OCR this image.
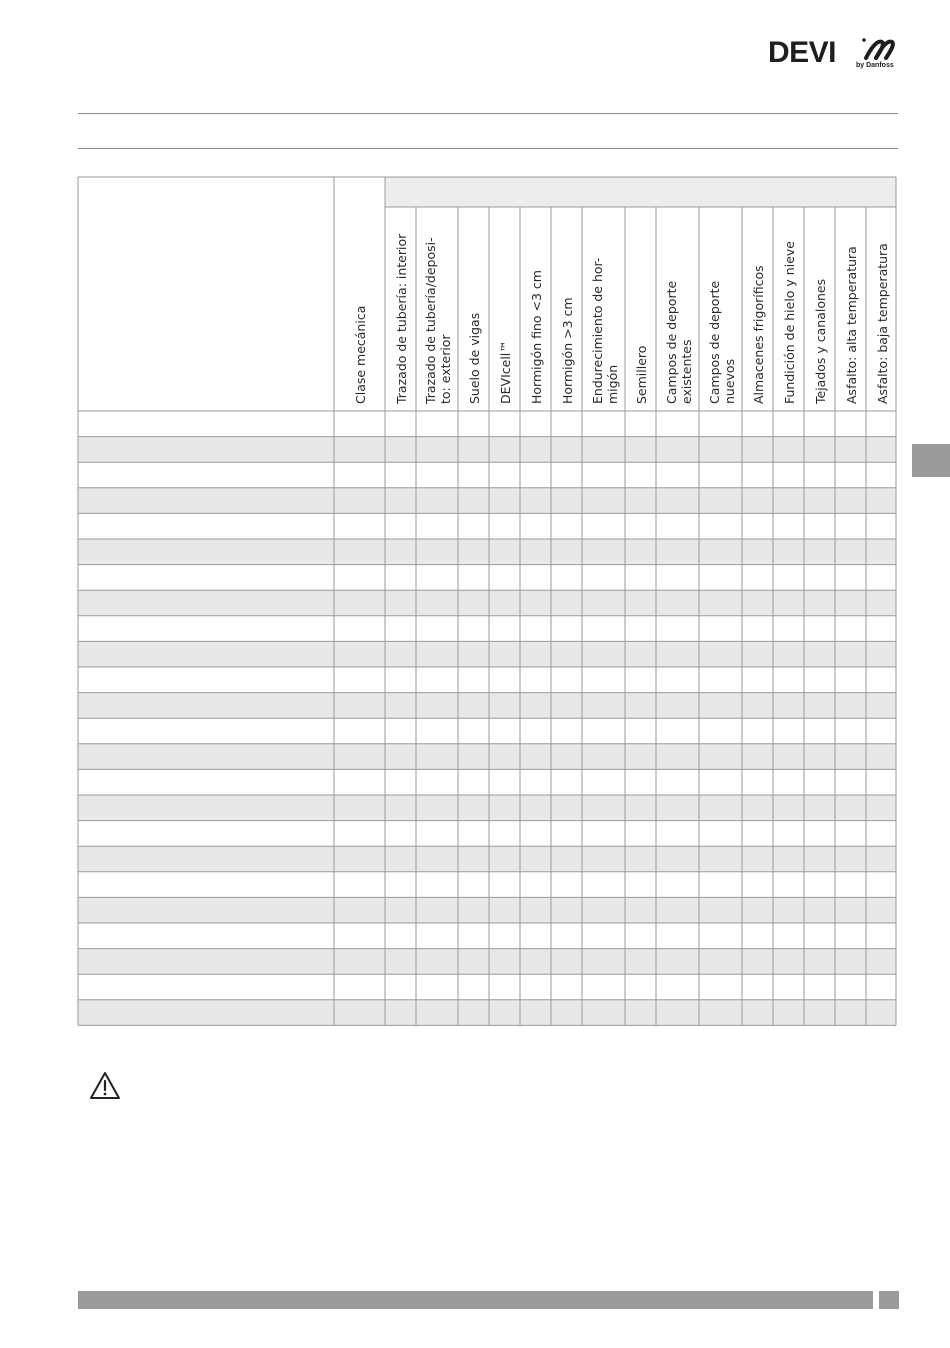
DEVI	by Danfoss
Clase mecánica Trazado de tubería: interior Trazado de tubería/deposi- to: exterior Suelo de vigas DEVIcell™ Hormigón fino <3 cm Hormigón >3 cm Endurecimiento de hor- migón Semillero Campos de deporte existentes Campos de deporte nuevos Almacenes frigoríficos Fundición de hielo y nieve Tejados y canalones Asfalto: alta temperatura Asfalto: baja temperatura
